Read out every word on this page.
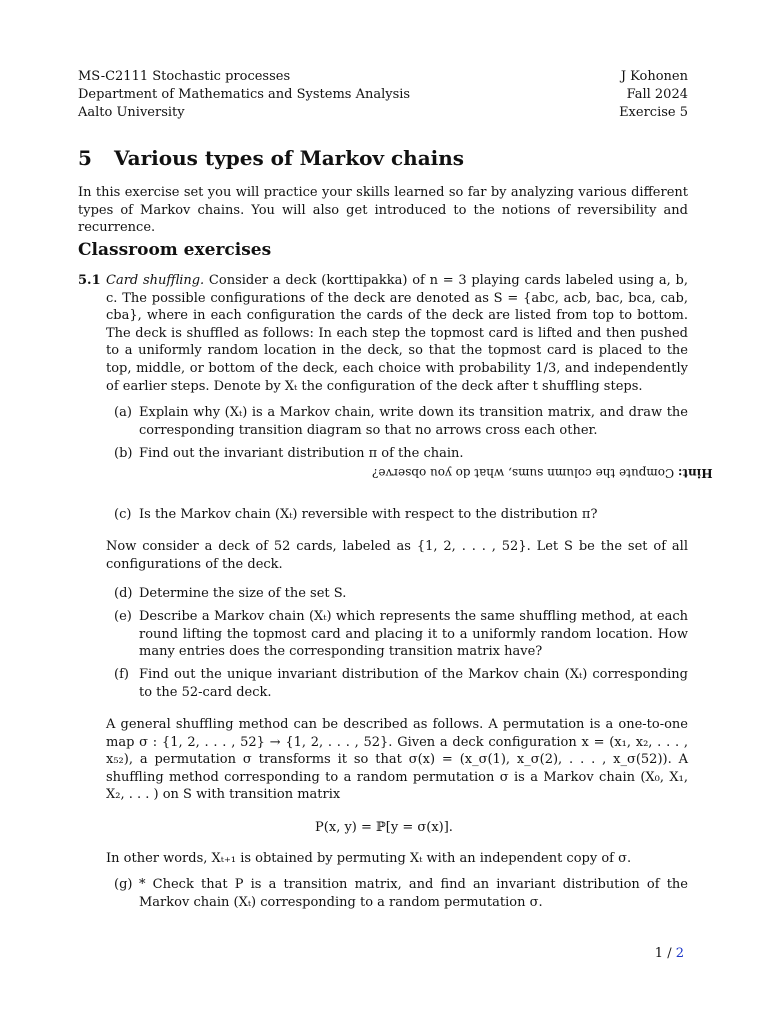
MS-C2111 Stochastic processes	J Kohonen
Department of Mathematics and Systems Analysis	Fall 2024
Aalto University	Exercise 5
5 Various types of Markov chains
In this exercise set you will practice your skills learned so far by analyzing various different types of Markov chains. You will also get introduced to the notions of reversibility and recurrence.
Classroom exercises
5.1 Card shuffling. Consider a deck (korttipakka) of n = 3 playing cards labeled using a, b, c. The possible configurations of the deck are denoted as S = {abc, acb, bac, bca, cab, cba}, where in each configuration the cards of the deck are listed from top to bottom. The deck is shuffled as follows: In each step the topmost card is lifted and then pushed to a uniformly random location in the deck, so that the topmost card is placed to the top, middle, or bottom of the deck, each choice with probability 1/3, and independently of earlier steps. Denote by Xₜ the configuration of the deck after t shuffling steps.
(a) Explain why (Xₜ) is a Markov chain, write down its transition matrix, and draw the corresponding transition diagram so that no arrows cross each other.
(b) Find out the invariant distribution π of the chain.
Hint: Compute the column sums, what do you observe?
(c) Is the Markov chain (Xₜ) reversible with respect to the distribution π?
Now consider a deck of 52 cards, labeled as {1, 2, . . . , 52}. Let S be the set of all configurations of the deck.
(d) Determine the size of the set S.
(e) Describe a Markov chain (Xₜ) which represents the same shuffling method, at each round lifting the topmost card and placing it to a uniformly random location. How many entries does the corresponding transition matrix have?
(f) Find out the unique invariant distribution of the Markov chain (Xₜ) corresponding to the 52-card deck.
A general shuffling method can be described as follows. A permutation is a one-to-one map σ : {1, 2, . . . , 52} → {1, 2, . . . , 52}. Given a deck configuration x = (x₁, x₂, . . . , x₅₂), a permutation σ transforms it so that σ(x) = (x_σ(1), x_σ(2), . . . , x_σ(52)). A shuffling method corresponding to a random permutation σ is a Markov chain (X₀, X₁, X₂, . . . ) on S with transition matrix
P(x, y) = ℙ[y = σ(x)].
In other words, Xₜ₊₁ is obtained by permuting Xₜ with an independent copy of σ.
(g) * Check that P is a transition matrix, and find an invariant distribution of the Markov chain (Xₜ) corresponding to a random permutation σ.
1 / 2
